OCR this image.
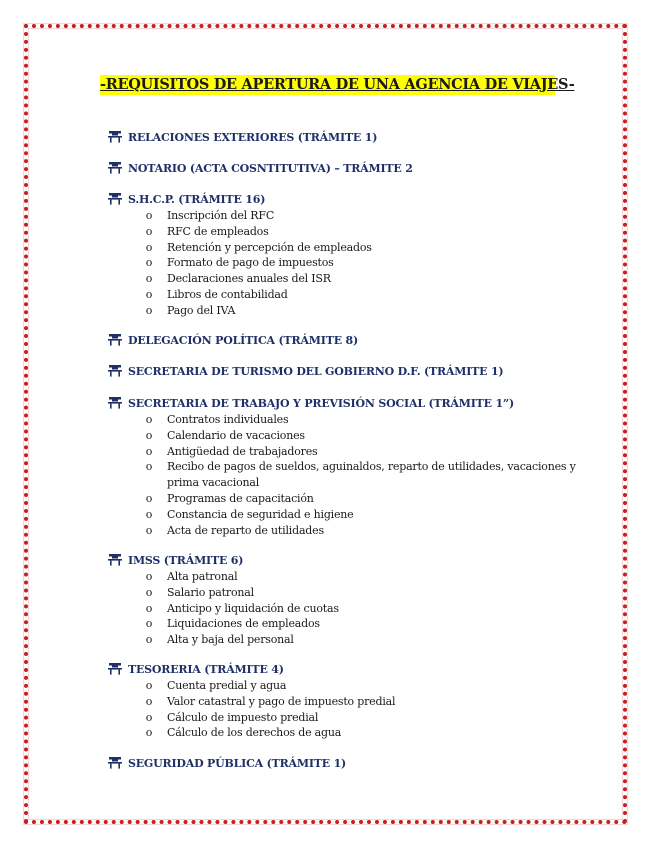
-REQUISITOS DE APERTURA DE UNA AGENCIA DE VIAJES-
RELACIONES EXTERIORES (TRÁMITE 1)
NOTARIO (ACTA COSNTITUTIVA) – TRÁMITE 2
S.H.C.P. (TRÁMITE 16)
o Inscripción del RFC
o RFC de empleados
o Retención y percepción de empleados
o Formato de pago de impuestos
o Declaraciones anuales del ISR
o Libros de contabilidad
o Pago del IVA
DELEGACIÓN POLÍTICA (TRÁMITE 8)
SECRETARIA DE TURISMO DEL GOBIERNO D.F. (TRÁMITE 1)
SECRETARIA DE TRABAJO Y PREVISIÓN SOCIAL (TRÁMITE 1”)
o Contratos individuales
o Calendario de vacaciones
o Antigüedad de trabajadores
o Recibo de pagos de sueldos, aguinaldos, reparto de utilidades, vacaciones y
prima vacacional
o Programas de capacitación
o Constancia de seguridad e higiene
o Acta de reparto de utilidades
IMSS (TRÁMITE 6)
o Alta patronal
o Salario patronal
o Anticipo y liquidación de cuotas
o Liquidaciones de empleados
o Alta y baja del personal
TESORERIA (TRÁMITE 4)
o Cuenta predial y agua
o Valor catastral y pago de impuesto predial
o Cálculo de impuesto predial
o Cálculo de los derechos de agua
SEGURIDAD PÚBLICA (TRÁMITE 1)
